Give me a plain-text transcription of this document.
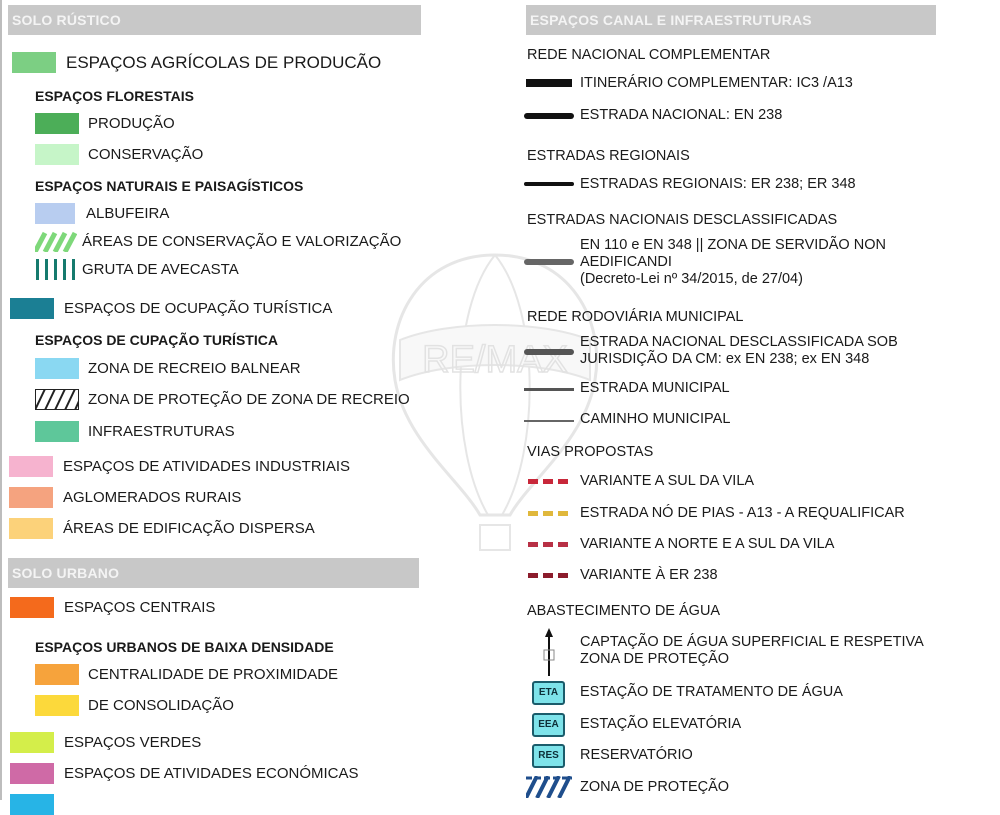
RE/MAX
SOLO RÚSTICO
ESPAÇOS AGRÍCOLAS DE PRODUCÃO
ESPAÇOS FLORESTAIS
PRODUÇÃO
CONSERVAÇÃO
ESPAÇOS NATURAIS E PAISAGÍSTICOS
ALBUFEIRA
ÁREAS DE CONSERVAÇÃO E VALORIZAÇÃO
GRUTA DE AVECASTA
ESPAÇOS DE OCUPAÇÃO TURÍSTICA
ESPAÇOS DE CUPAÇÃO TURÍSTICA
ZONA DE RECREIO BALNEAR
ZONA DE PROTEÇÃO DE ZONA DE RECREIO
INFRAESTRUTURAS
ESPAÇOS DE ATIVIDADES INDUSTRIAIS
AGLOMERADOS RURAIS
ÁREAS DE EDIFICAÇÃO DISPERSA
SOLO URBANO
ESPAÇOS CENTRAIS
ESPAÇOS URBANOS DE BAIXA DENSIDADE
CENTRALIDADE DE PROXIMIDADE
DE CONSOLIDAÇÃO
ESPAÇOS VERDES
ESPAÇOS DE ATIVIDADES ECONÓMICAS
ESPAÇOS CANAL E INFRAESTRUTURAS
REDE NACIONAL COMPLEMENTAR
ITINERÁRIO COMPLEMENTAR: IC3 /A13
ESTRADA NACIONAL: EN 238
ESTRADAS REGIONAIS
ESTRADAS REGIONAIS: ER 238; ER 348
ESTRADAS NACIONAIS DESCLASSIFICADAS
EN 110 e EN 348 || ZONA DE SERVIDÃO NON
AEDIFICANDI
(Decreto-Lei nº 34/2015, de 27/04)
REDE RODOVIÁRIA MUNICIPAL
ESTRADA NACIONAL DESCLASSIFICADA SOB
JURISDIÇÃO DA CM: ex EN 238; ex EN 348
ESTRADA MUNICIPAL
CAMINHO MUNICIPAL
VIAS PROPOSTAS
VARIANTE A SUL DA VILA
ESTRADA NÓ DE PIAS - A13 - A REQUALIFICAR
VARIANTE A NORTE E A SUL DA VILA
VARIANTE À ER 238
ABASTECIMENTO DE ÁGUA
CAPTAÇÃO DE ÁGUA SUPERFICIAL E RESPETIVA
ZONA DE PROTEÇÃO
ETA	ESTAÇÃO DE TRATAMENTO DE ÁGUA
EEA	ESTAÇÃO ELEVATÓRIA
RES	RESERVATÓRIO
ZONA DE PROTEÇÃO
